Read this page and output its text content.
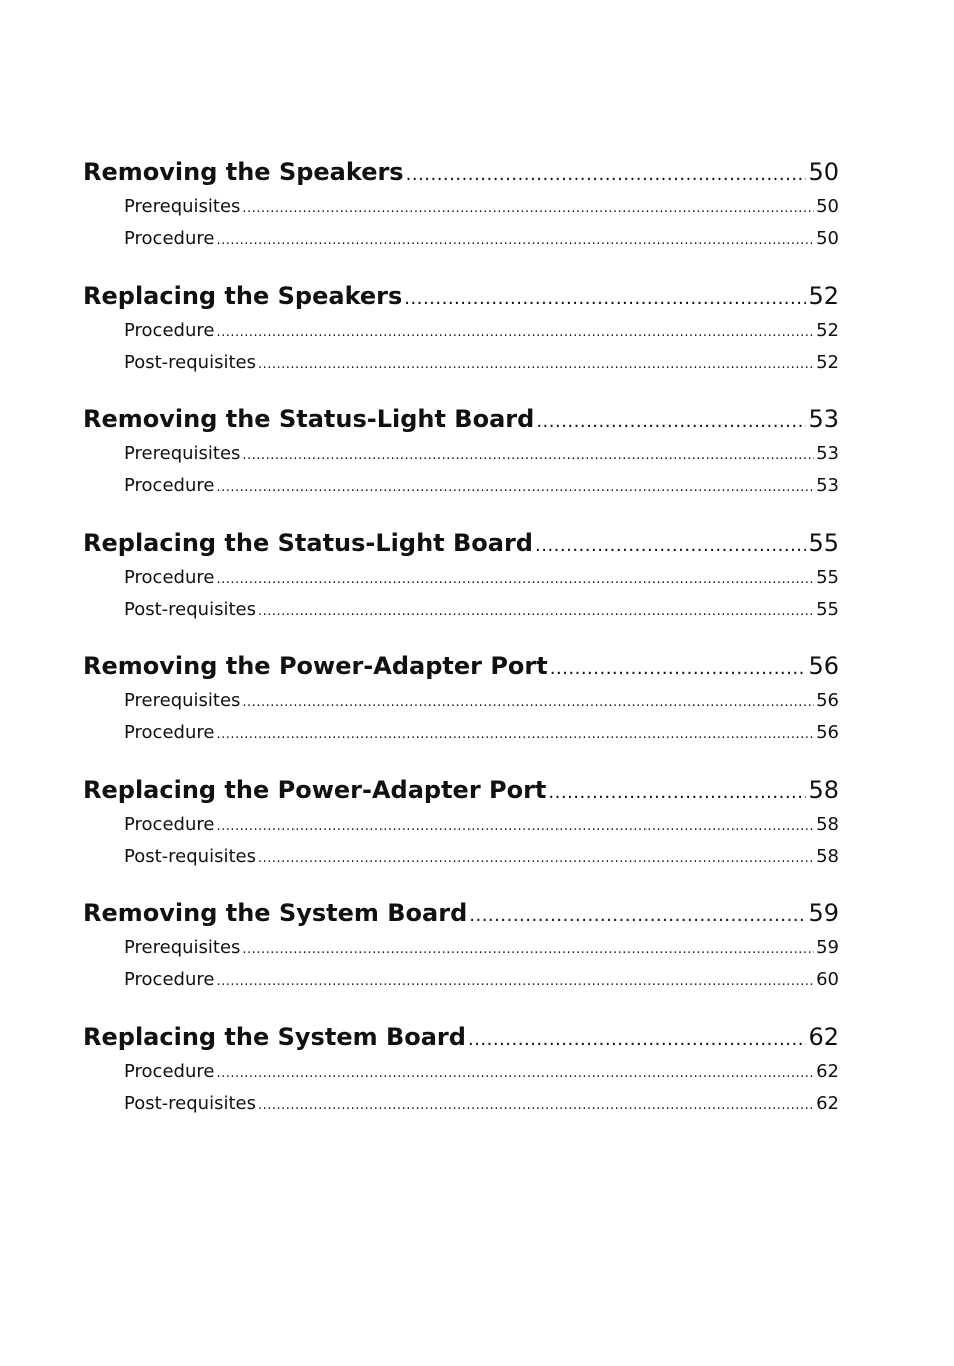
Removing the Speakers .....	50
Prerequisites .....	50
Procedure .....	50
Replacing the Speakers .....	52
Procedure .....	52
Post-requisites .....	52
Removing the Status-Light Board .....	53
Prerequisites .....	53
Procedure .....	53
Replacing the Status-Light Board .....	55
Procedure .....	55
Post-requisites .....	55
Removing the Power-Adapter Port .....	56
Prerequisites .....	56
Procedure .....	56
Replacing the Power-Adapter Port .....	58
Procedure .....	58
Post-requisites .....	58
Removing the System Board .....	59
Prerequisites .....	59
Procedure .....	60
Replacing the System Board .....	62
Procedure .....	62
Post-requisites .....	62
